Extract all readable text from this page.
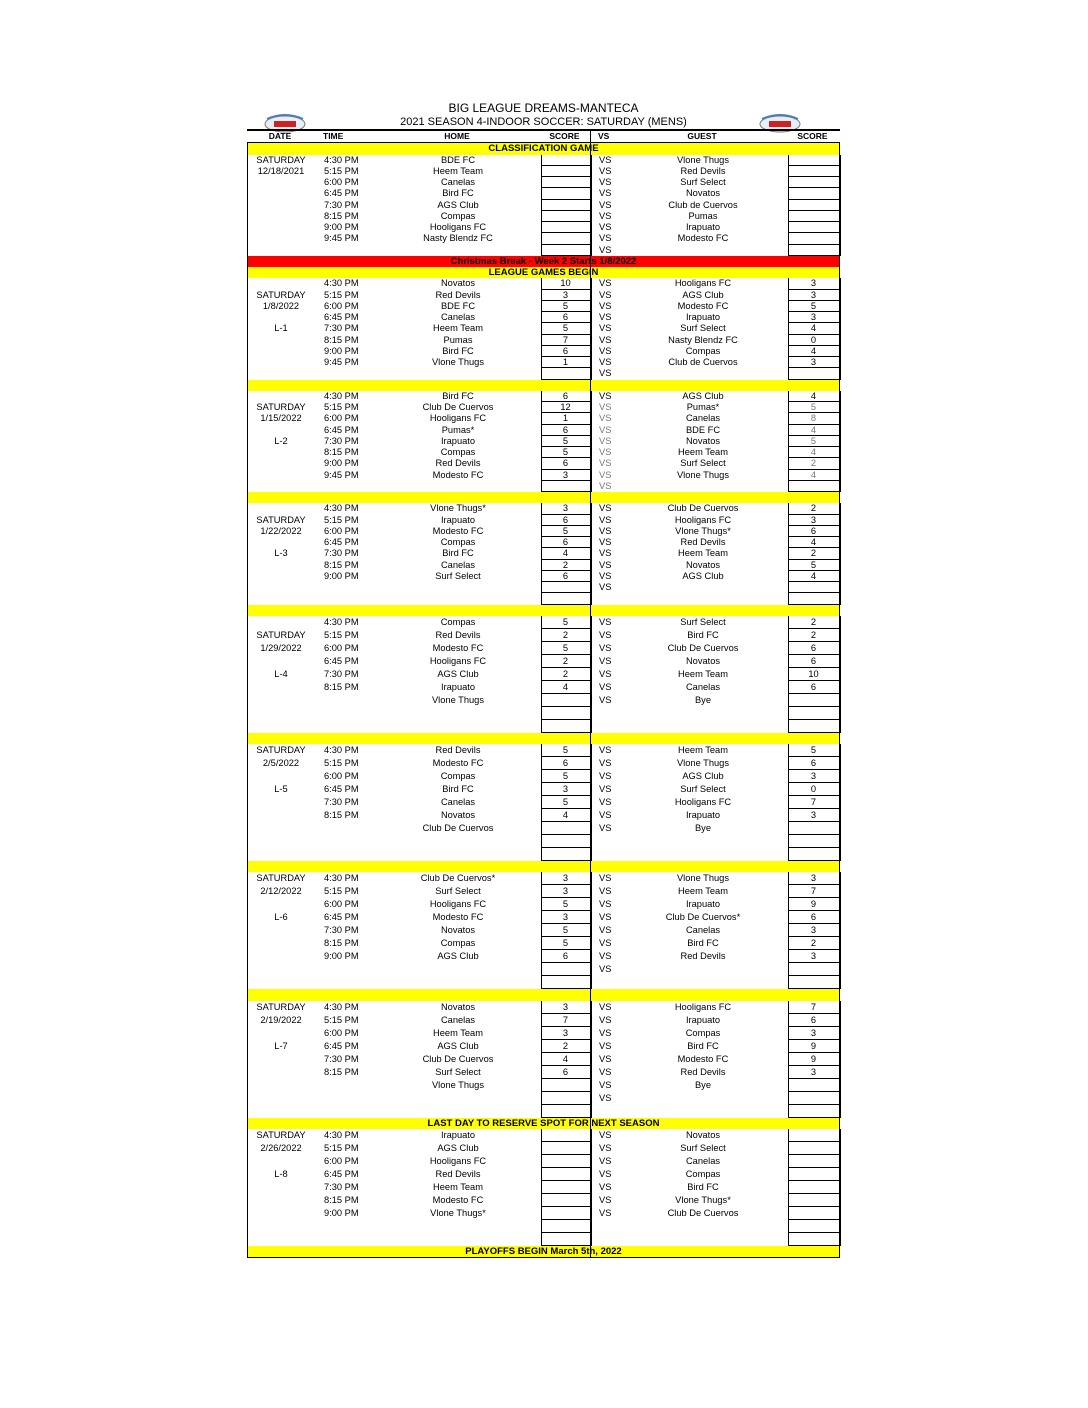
BIG LEAGUE DREAMS-MANTECA
2021 SEASON 4-INDOOR SOCCER: SATURDAY (MENS)
DATE	TIME	HOME	SCORE	VS	GUEST	SCORE
CLASSIFICATION GAME
SATURDAY	4:30 PM	BDE FC	VS	Vlone Thugs
12/18/2021	5:15 PM	Heem Team	VS	Red Devils
6:00 PM	Canelas	VS	Surf Select
6:45 PM	Bird FC	VS	Novatos
7:30 PM	AGS Club	VS	Club de Cuervos
8:15 PM	Compas	VS	Pumas
9:00 PM	Hooligans FC	VS	Irapuato
9:45 PM	Nasty Blendz FC	VS	Modesto FC
VS
Christmas Break - Week 2 Starts 1/8/2022
LEAGUE GAMES BEGIN
4:30 PM	Novatos	10	VS	Hooligans FC	3
SATURDAY	5:15 PM	Red Devils	3	VS	AGS Club	3
1/8/2022	6:00 PM	BDE FC	5	VS	Modesto FC	5
6:45 PM	Canelas	6	VS	Irapuato	3
L-1	7:30 PM	Heem Team	5	VS	Surf Select	4
8:15 PM	Pumas	7	VS	Nasty Blendz FC	0
9:00 PM	Bird FC	6	VS	Compas	4
9:45 PM	Vlone Thugs	1	VS	Club de Cuervos	3
VS
4:30 PM	Bird FC	6	VS	AGS Club	4
SATURDAY	5:15 PM	Club De Cuervos	12	VS	Pumas*	5
1/15/2022	6:00 PM	Hooligans FC	1	VS	Canelas	8
6:45 PM	Pumas*	6	VS	BDE FC	4
L-2	7:30 PM	Irapuato	5	VS	Novatos	5
8:15 PM	Compas	5	VS	Heem Team	4
9:00 PM	Red Devils	6	VS	Surf Select	2
9:45 PM	Modesto FC	3	VS	Vlone Thugs	4
VS
4:30 PM	Vlone Thugs*	3	VS	Club De Cuervos	2
SATURDAY	5:15 PM	Irapuato	6	VS	Hooligans FC	3
1/22/2022	6:00 PM	Modesto FC	5	VS	Vlone Thugs*	6
6:45 PM	Compas	6	VS	Red Devils	4
L-3	7:30 PM	Bird FC	4	VS	Heem Team	2
8:15 PM	Canelas	2	VS	Novatos	5
9:00 PM	Surf Select	6	VS	AGS Club	4
VS
4:30 PM	Compas	5	VS	Surf Select	2
SATURDAY	5:15 PM	Red Devils	2	VS	Bird FC	2
1/29/2022	6:00 PM	Modesto FC	5	VS	Club De Cuervos	6
6:45 PM	Hooligans FC	2	VS	Novatos	6
L-4	7:30 PM	AGS Club	2	VS	Heem Team	10
8:15 PM	Irapuato	4	VS	Canelas	6
Vlone Thugs	VS	Bye
SATURDAY	4:30 PM	Red Devils	5	VS	Heem Team	5
2/5/2022	5:15 PM	Modesto FC	6	VS	Vlone Thugs	6
6:00 PM	Compas	5	VS	AGS Club	3
L-5	6:45 PM	Bird FC	3	VS	Surf Select	0
7:30 PM	Canelas	5	VS	Hooligans FC	7
8:15 PM	Novatos	4	VS	Irapuato	3
Club De Cuervos	VS	Bye
SATURDAY	4:30 PM	Club De Cuervos*	3	VS	Vlone Thugs	3
2/12/2022	5:15 PM	Surf Select	3	VS	Heem Team	7
6:00 PM	Hooligans FC	5	VS	Irapuato	9
L-6	6:45 PM	Modesto FC	3	VS	Club De Cuervos*	6
7:30 PM	Novatos	5	VS	Canelas	3
8:15 PM	Compas	5	VS	Bird FC	2
9:00 PM	AGS Club	6	VS	Red Devils	3
VS
SATURDAY	4:30 PM	Novatos	3	VS	Hooligans FC	7
2/19/2022	5:15 PM	Canelas	7	VS	Irapuato	6
6:00 PM	Heem Team	3	VS	Compas	3
L-7	6:45 PM	AGS Club	2	VS	Bird FC	9
7:30 PM	Club De Cuervos	4	VS	Modesto FC	9
8:15 PM	Surf Select	6	VS	Red Devils	3
Vlone Thugs	VS	Bye
VS
LAST DAY TO RESERVE SPOT FOR NEXT SEASON
SATURDAY	4:30 PM	Irapuato	VS	Novatos
2/26/2022	5:15 PM	AGS Club	VS	Surf Select
6:00 PM	Hooligans FC	VS	Canelas
L-8	6:45 PM	Red Devils	VS	Compas
7:30 PM	Heem Team	VS	Bird FC
8:15 PM	Modesto FC	VS	Vlone Thugs*
9:00 PM	Vlone Thugs*	VS	Club De Cuervos
PLAYOFFS BEGIN March 5th, 2022
